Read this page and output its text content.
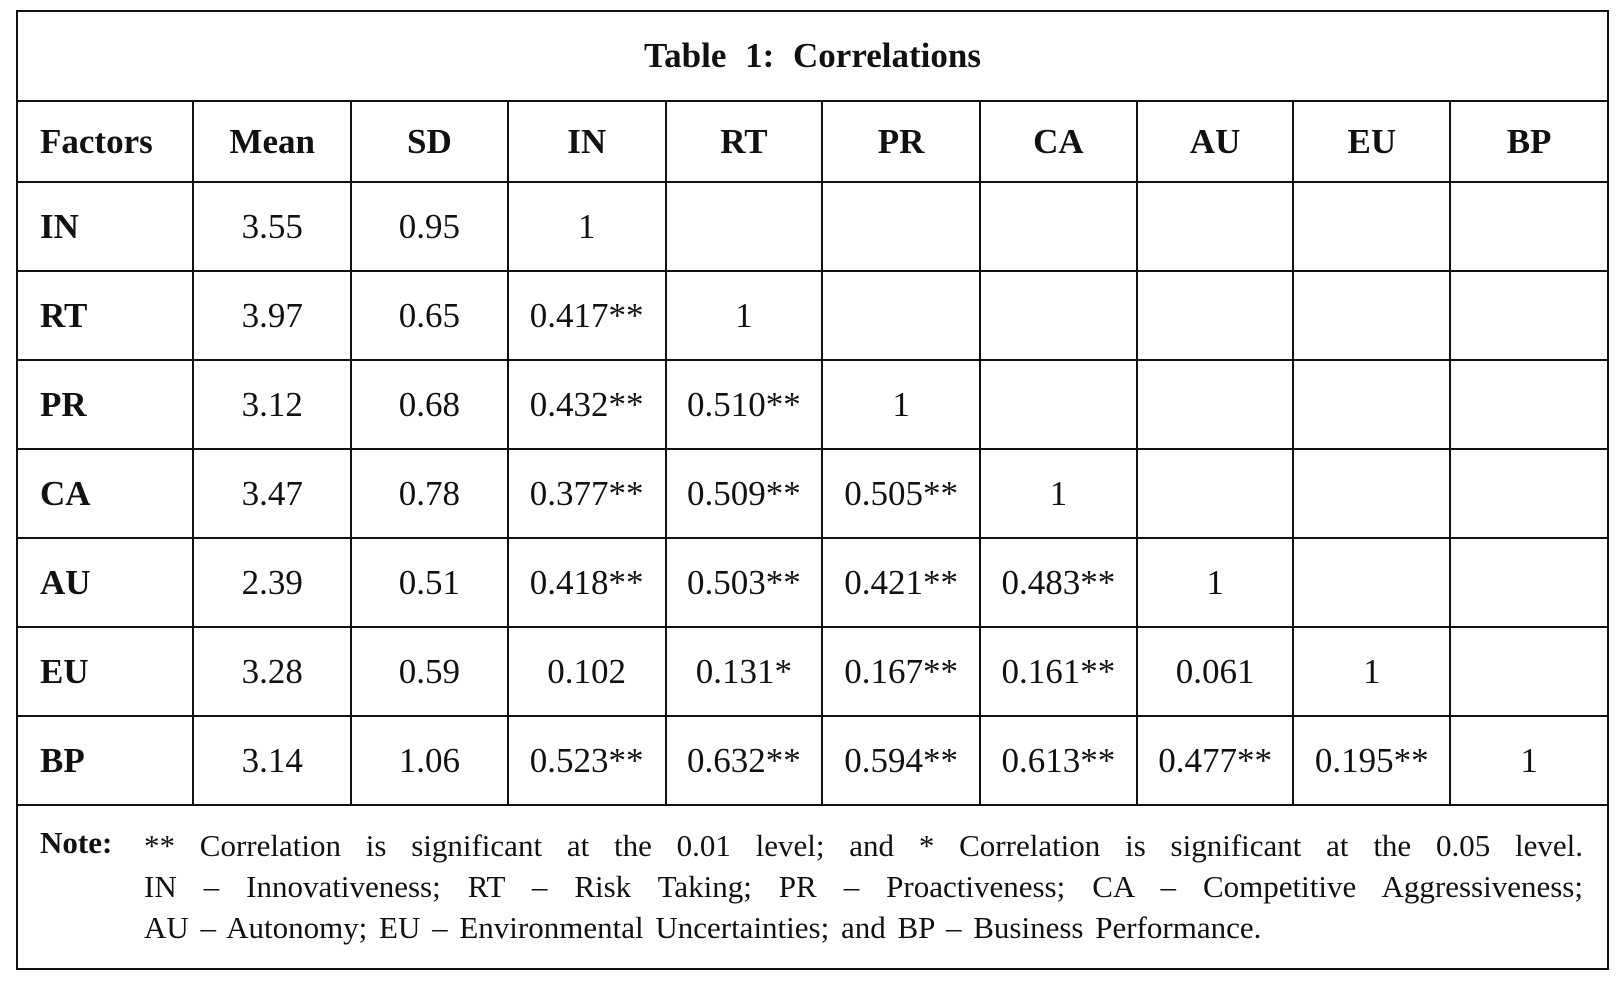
Table 1: Correlations									
Factors	Mean	SD	IN	RT	PR	CA	AU	EU	BP
IN	3.55	0.95	1						
RT	3.97	0.65	0.417**	1					
PR	3.12	0.68	0.432**	0.510**	1				
CA	3.47	0.78	0.377**	0.509**	0.505**	1			
AU	2.39	0.51	0.418**	0.503**	0.421**	0.483**	1		
EU	3.28	0.59	0.102	0.131*	0.167**	0.161**	0.061	1	
BP	3.14	1.06	0.523**	0.632**	0.594**	0.613**	0.477**	0.195**	1

Note: ** Correlation is significant at the 0.01 level; and * Correlation is significant at the 0.05 level.
IN – Innovativeness; RT – Risk Taking; PR – Proactiveness; CA – Competitive Aggressiveness;
AU – Autonomy; EU – Environmental Uncertainties; and BP – Business Performance.									
